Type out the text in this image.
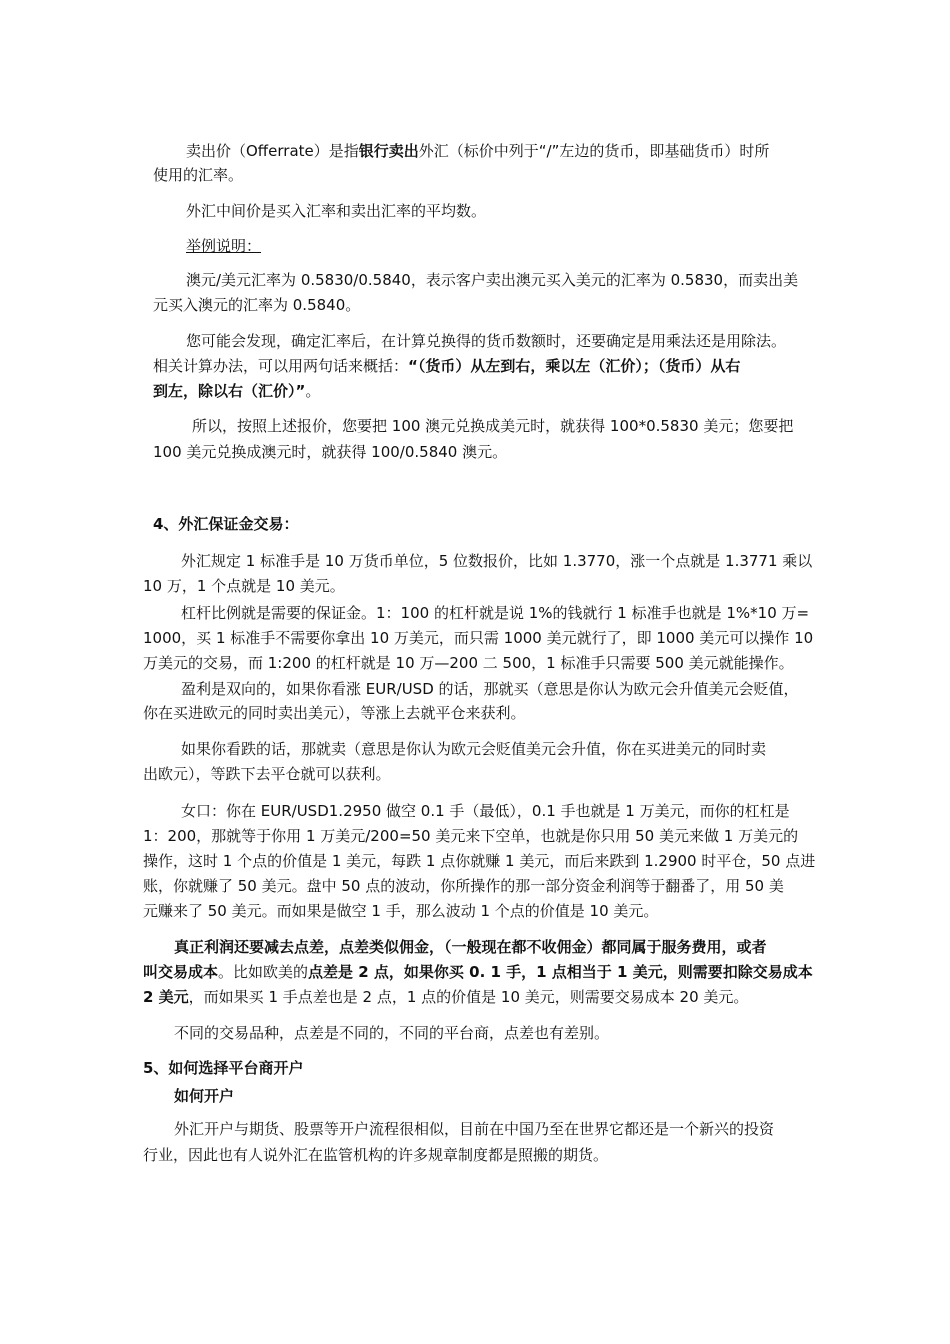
卖出价（Offerrate）是指银行卖出外汇（标价中列于“/”左边的货币，即基础货币）时所
使用的汇率。
外汇中间价是买入汇率和卖出汇率的平均数。
举例说明：
澳元/美元汇率为 0.5830/0.5840，表示客户卖出澳元买入美元的汇率为 0.5830，而卖出美
元买入澳元的汇率为 0.5840。
您可能会发现，确定汇率后，在计算兑换得的货币数额时，还要确定是用乘法还是用除法。
相关计算办法，可以用两句话来概括：“（货币）从左到右，乘以左（汇价）；（货币）从右
到左，除以右（汇价）”。
所以，按照上述报价，您要把 100 澳元兑换成美元时，就获得 100*0.5830 美元；您要把
100 美元兑换成澳元时，就获得 100/0.5840 澳元。
4、外汇保证金交易：
外汇规定 1 标准手是 10 万货币单位，5 位数报价，比如 1.3770，涨一个点就是 1.3771 乘以
10 万，1 个点就是 10 美元。
杠杆比例就是需要的保证金。1：100 的杠杆就是说 1%的钱就行 1 标准手也就是 1%*10 万=
1000，买 1 标准手不需要你拿出 10 万美元，而只需 1000 美元就行了，即 1000 美元可以操作 10
万美元的交易，而 1:200 的杠杆就是 10 万—200 二 500，1 标准手只需要 500 美元就能操作。
盈利是双向的，如果你看涨 EUR/USD 的话，那就买（意思是你认为欧元会升值美元会贬值，
你在买进欧元的同时卖出美元），等涨上去就平仓来获利。
如果你看跌的话，那就卖（意思是你认为欧元会贬值美元会升值，你在买进美元的同时卖
出欧元），等跌下去平仓就可以获利。
女口：你在 EUR/USD1.2950 做空 0.1 手（最低），0.1 手也就是 1 万美元，而你的杠杠是
1：200，那就等于你用 1 万美元/200=50 美元来下空单，也就是你只用 50 美元来做 1 万美元的
操作，这时 1 个点的价值是 1 美元，每跌 1 点你就赚 1 美元，而后来跌到 1.2900 时平仓，50 点进
账，你就赚了 50 美元。盘中 50 点的波动，你所操作的那一部分资金利润等于翻番了，用 50 美
元赚来了 50 美元。而如果是做空 1 手，那么波动 1 个点的价值是 10 美元。
真正利润还要减去点差，点差类似佣金，（一般现在都不收佣金）都同属于服务费用，或者
叫交易成本。比如欧美的点差是 2 点，如果你买 0. 1 手，1 点相当于 1 美元，则需要扣除交易成本
2 美元，而如果买 1 手点差也是 2 点，1 点的价值是 10 美元，则需要交易成本 20 美元。
不同的交易品种，点差是不同的，不同的平台商，点差也有差别。
5、如何选择平台商开户
如何开户
外汇开户与期货、股票等开户流程很相似，目前在中国乃至在世界它都还是一个新兴的投资
行业，因此也有人说外汇在监管机构的许多规章制度都是照搬的期货。
